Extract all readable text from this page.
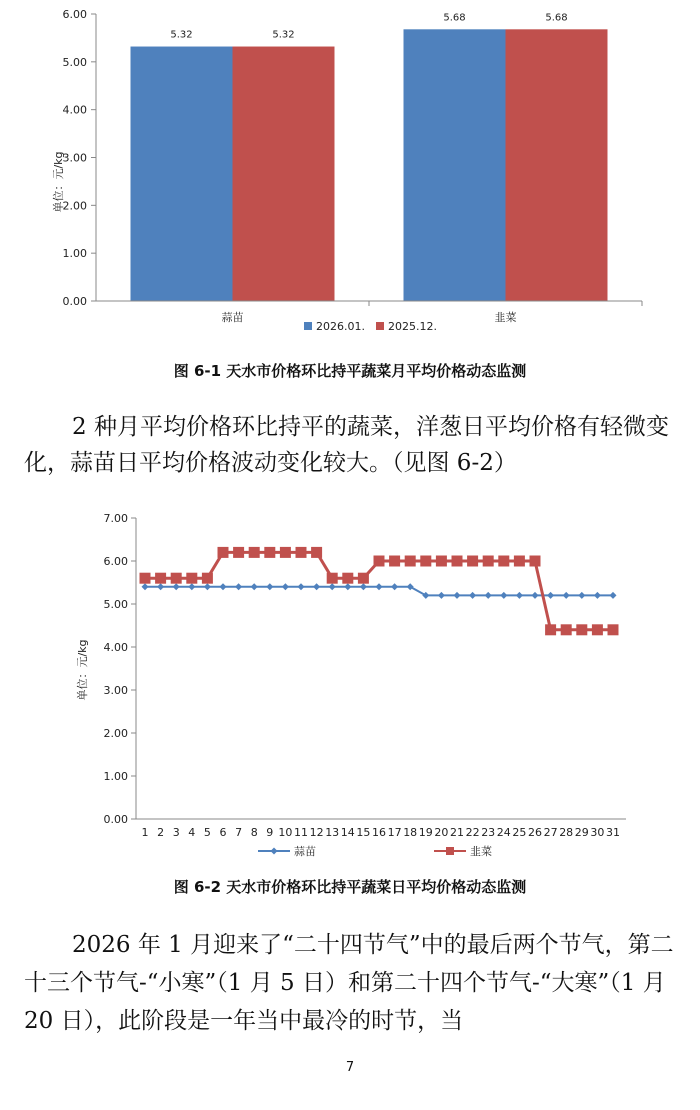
0.00
1.00
2.00
3.00
4.00
5.00
6.00
5.32	5.32
5.68	5.68
蒜苗	韭菜
单位：元/kg
2026.01. 2025.12.
图 6-1 天水市价格环比持平蔬菜月平均价格动态监测

2 种月平均价格环比持平的蔬菜，洋葱日平均价格有轻微变化，蒜苗日平均价格波动变化较大。（见图 6-2）

0.00
1.00
2.00
3.00
4.00
5.00
6.00
7.00
1 2 3 4 5 6 7 8 9 10 11 12 13 14 15 16 17 18 19 20 21 22 23 24 25 26 27 28 29 30 31
单位：元/kg
蒜苗	韭菜
图 6-2 天水市价格环比持平蔬菜日平均价格动态监测

2026 年 1 月迎来了“二十四节气”中的最后两个节气，第二十三个节气-“小寒”（1 月 5 日）和第二十四个节气-“大寒”（1 月 20 日），此阶段是一年当中最冷的时节，当

7
